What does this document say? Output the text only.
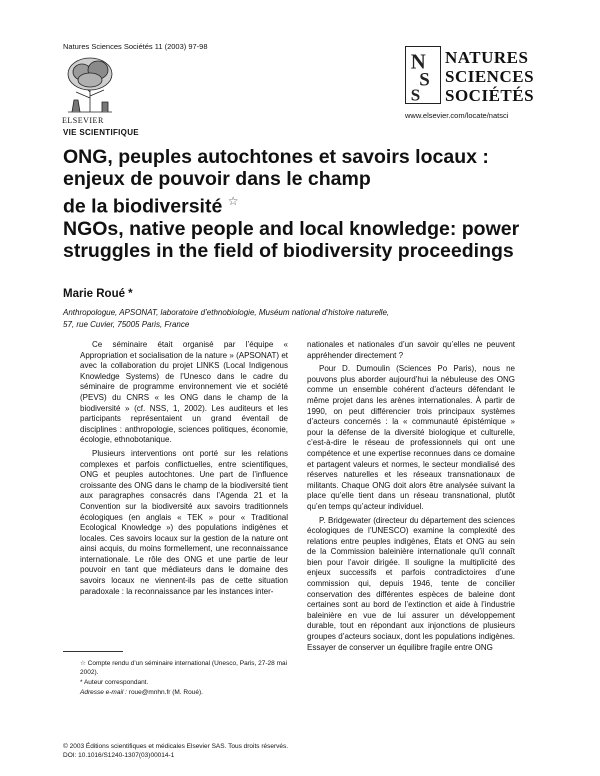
Natures Sciences Sociétés 11 (2003) 97-98
ELSEVIER
N
S
S
NATURES
SCIENCES
SOCIÉTÉS
www.elsevier.com/locate/natsci
VIE SCIENTIFIQUE
ONG, peuples autochtones et savoirs locaux :
enjeux de pouvoir dans le champ
de la biodiversité ☆
NGOs, native people and local knowledge: power
struggles in the field of biodiversity proceedings
Marie Roué *
Anthropologue, APSONAT, laboratoire d’ethnobiologie, Muséum national d’histoire naturelle,
57, rue Cuvier, 75005 Paris, France

Ce séminaire était organisé par l’équipe « Appropriation et socialisation de la nature » (APSONAT) et avec la collaboration du projet LINKS (Local Indigenous Knowledge Systems) de l’Unesco dans le cadre du séminaire de programme environnement vie et société (PEVS) du CNRS « les ONG dans le champ de la biodiversité » (cf. NSS, 1, 2002). Les auditeurs et les participants représentaient un grand éventail de disciplines : anthropologie, sciences politiques, économie, écologie, ethnobotanique.

Plusieurs interventions ont porté sur les relations complexes et parfois conflictuelles, entre scientifiques, ONG et peuples autochtones. Une part de l’influence croissante des ONG dans le champ de la biodiversité tient aux paragraphes consacrés dans l’Agenda 21 et la Convention sur la biodiversité aux savoirs traditionnels écologiques (en anglais « TEK » pour « Traditional Ecological Knowledge ») des populations indigènes et locales. Ces savoirs locaux sur la gestion de la nature ont ainsi acquis, du moins formellement, une reconnaissance internationale. Le rôle des ONG et une partie de leur pouvoir en tant que médiateurs dans le domaine des savoirs locaux ne viennent-ils pas de cette situation paradoxale : la reconnaissance par les instances inter-

nationales et nationales d’un savoir qu’elles ne peuvent appréhender directement ?

Pour D. Dumoulin (Sciences Po Paris), nous ne pouvons plus aborder aujourd’hui la nébuleuse des ONG comme un ensemble cohérent d’acteurs défendant le même projet dans les arènes internationales. À partir de 1990, on peut différencier trois principaux systèmes d’acteurs concernés : la « communauté épistémique » pour la défense de la diversité biologique et culturelle, c’est-à-dire le réseau de professionnels qui ont une compétence et une expertise reconnues dans ce domaine et partagent valeurs et normes, le secteur mondialisé des réserves naturelles et les réseaux transnationaux de militants. Chaque ONG doit alors être analysée suivant la place qu’elle tient dans un réseau transnational, plutôt qu’en temps qu’acteur individuel.

P. Bridgewater (directeur du département des sciences écologiques de l’UNESCO) examine la complexité des relations entre peuples indigènes, États et ONG au sein de la Commission baleinière internationale qu’il connaît bien pour l’avoir dirigée. Il souligne la multiplicité des enjeux successifs et parfois contradictoires d’une commission qui, depuis 1946, tente de concilier conservation des différentes espèces de baleine dont certaines sont au bord de l’extinction et aide à l’industrie baleinière en vue de lui assurer un développement durable, tout en répondant aux injonctions de plusieurs groupes d’acteurs sociaux, dont les populations indigènes. Essayer de conserver un équilibre fragile entre ONG

☆ Compte rendu d’un séminaire international (Unesco, Paris, 27-28 mai 2002).
* Auteur correspondant.
Adresse e-mail : roue@mnhn.fr (M. Roué).
© 2003 Éditions scientifiques et médicales Elsevier SAS. Tous droits réservés.
DOI: 10.1016/S1240-1307(03)00014-1
